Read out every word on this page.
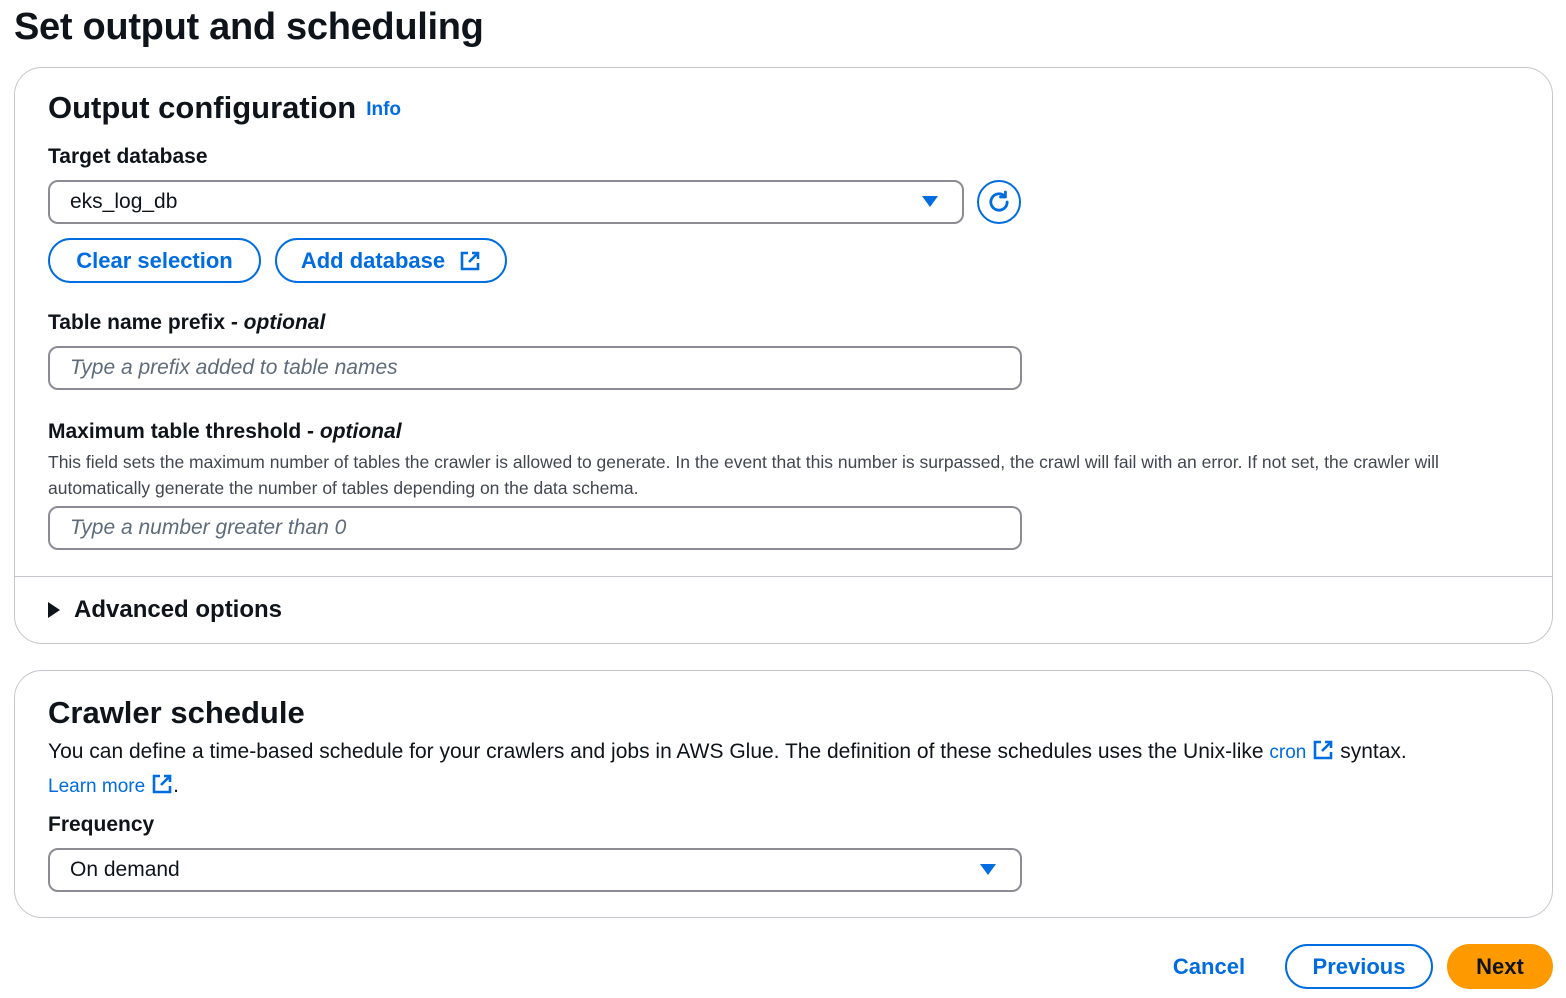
Set output and scheduling
Output configuration Info
Target database
eks_log_db
Clear selection	Add database
Table name prefix - optional
Type a prefix added to table names
Maximum table threshold - optional

This field sets the maximum number of tables the crawler is allowed to generate. In the event that this number is surpassed, the crawl will fail with an error. If not set, the crawler will automatically generate the number of tables depending on the data schema.

Type a number greater than 0
Advanced options
Crawler schedule

You can define a time-based schedule for your crawlers and jobs in AWS Glue. The definition of these schedules uses the Unix-like cron syntax.
Learn more .

Frequency
On demand
Cancel	Previous	Next
